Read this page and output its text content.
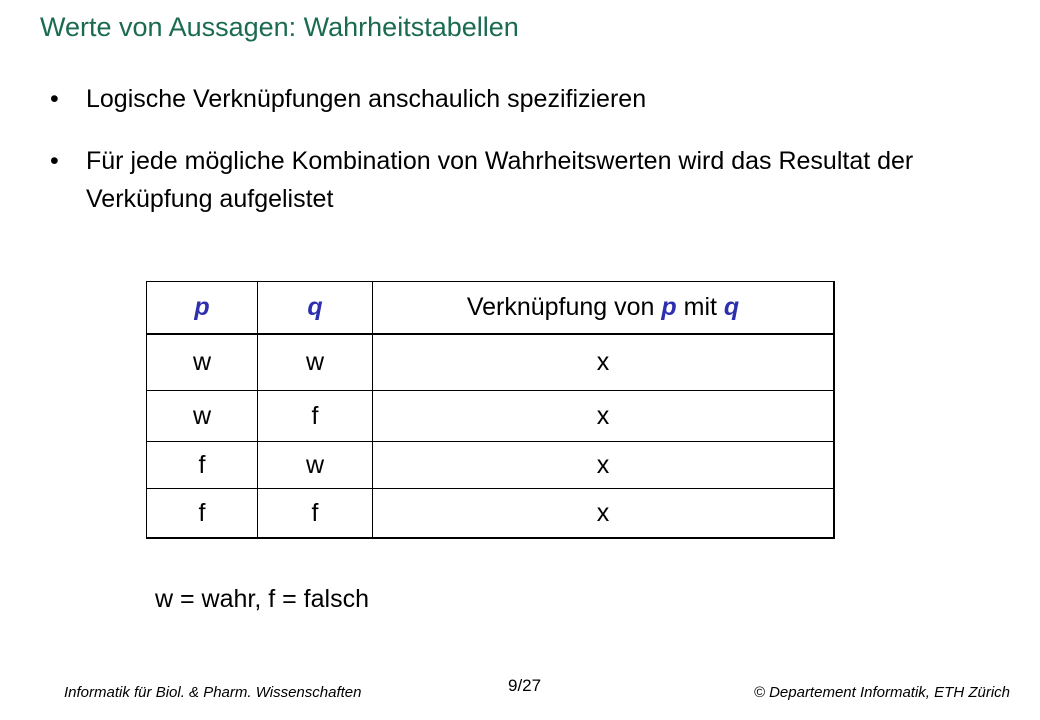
Werte von Aussagen: Wahrheitstabellen
•	Logische Verknüpfungen anschaulich spezifizieren
•	Für jede mögliche Kombination von Wahrheitswerten wird das Resultat der Verküpfung aufgelistet
p	q	Verknüpfung von p mit q
w	w	x
w	f	x
f	w	x
f	f	x
w = wahr, f = falsch
Informatik für Biol. & Pharm. Wissenschaften	9/27	© Departement Informatik, ETH Zürich
